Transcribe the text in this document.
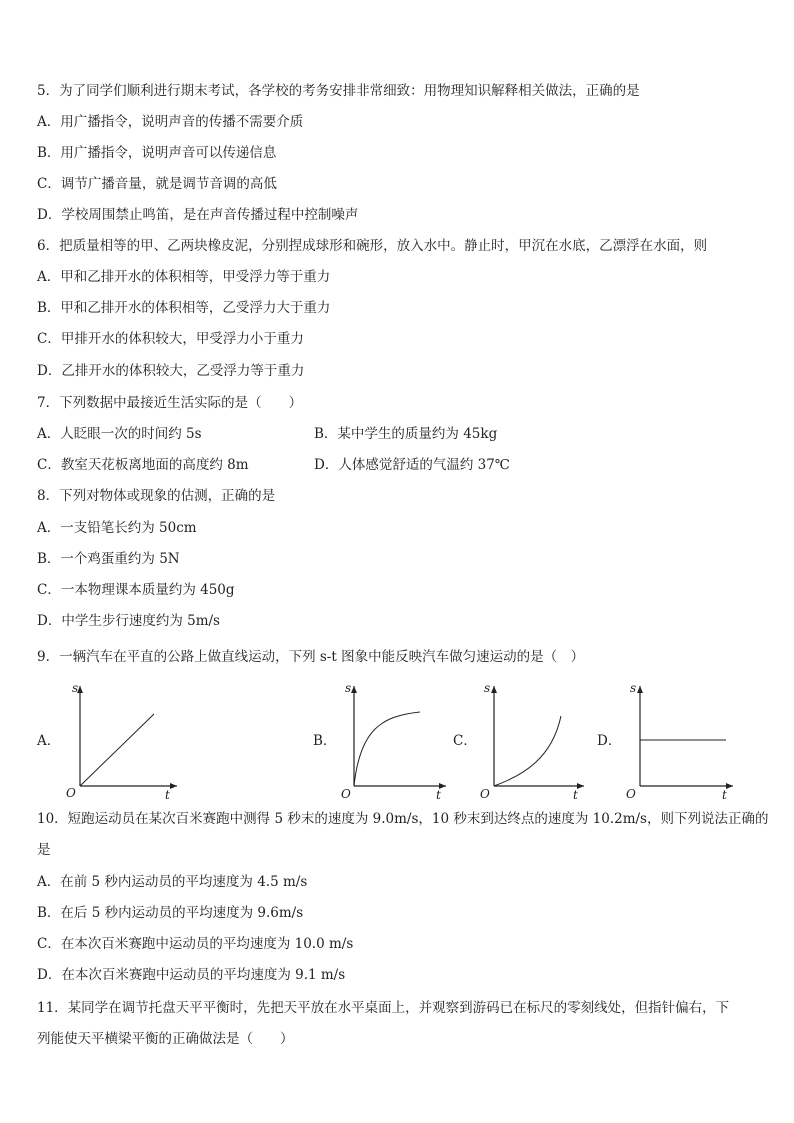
5．为了同学们顺利进行期末考试，各学校的考务安排非常细致：用物理知识解释相关做法，正确的是
A．用广播指令，说明声音的传播不需要介质
B．用广播指令，说明声音可以传递信息
C．调节广播音量，就是调节音调的高低
D．学校周围禁止鸣笛，是在声音传播过程中控制噪声
6．把质量相等的甲、乙两块橡皮泥，分别捏成球形和碗形，放入水中。静止时，甲沉在水底，乙漂浮在水面，则
A．甲和乙排开水的体积相等，甲受浮力等于重力
B．甲和乙排开水的体积相等，乙受浮力大于重力
C．甲排开水的体积较大，甲受浮力小于重力
D．乙排开水的体积较大，乙受浮力等于重力
7．下列数据中最接近生活实际的是（　　）
A．人眨眼一次的时间约 5s	B．某中学生的质量约为 45kg
C．教室天花板离地面的高度约 8m	D．人体感觉舒适的气温约 37℃
8．下列对物体或现象的估测，正确的是
A．一支铅笔长约为 50cm
B．一个鸡蛋重约为 5N
C．一本物理课本质量约为 450g
D．中学生步行速度约为 5m/s
9．一辆汽车在平直的公路上做直线运动，下列 s-t 图象中能反映汽车做匀速运动的是（　）
A．
s
O	t
B．
s
O	t
C．
s
O	t
D．
s
O	t
10．短跑运动员在某次百米赛跑中测得 5 秒末的速度为 9.0m/s，10 秒末到达终点的速度为 10.2m/s，则下列说法正确的
是
A．在前 5 秒内运动员的平均速度为 4.5 m/s
B．在后 5 秒内运动员的平均速度为 9.6m/s
C．在本次百米赛跑中运动员的平均速度为 10.0 m/s
D．在本次百米赛跑中运动员的平均速度为 9.1 m/s
11．某同学在调节托盘天平平衡时，先把天平放在水平桌面上，并观察到游码已在标尺的零刻线处，但指针偏右，下
列能使天平横梁平衡的正确做法是（　　）
